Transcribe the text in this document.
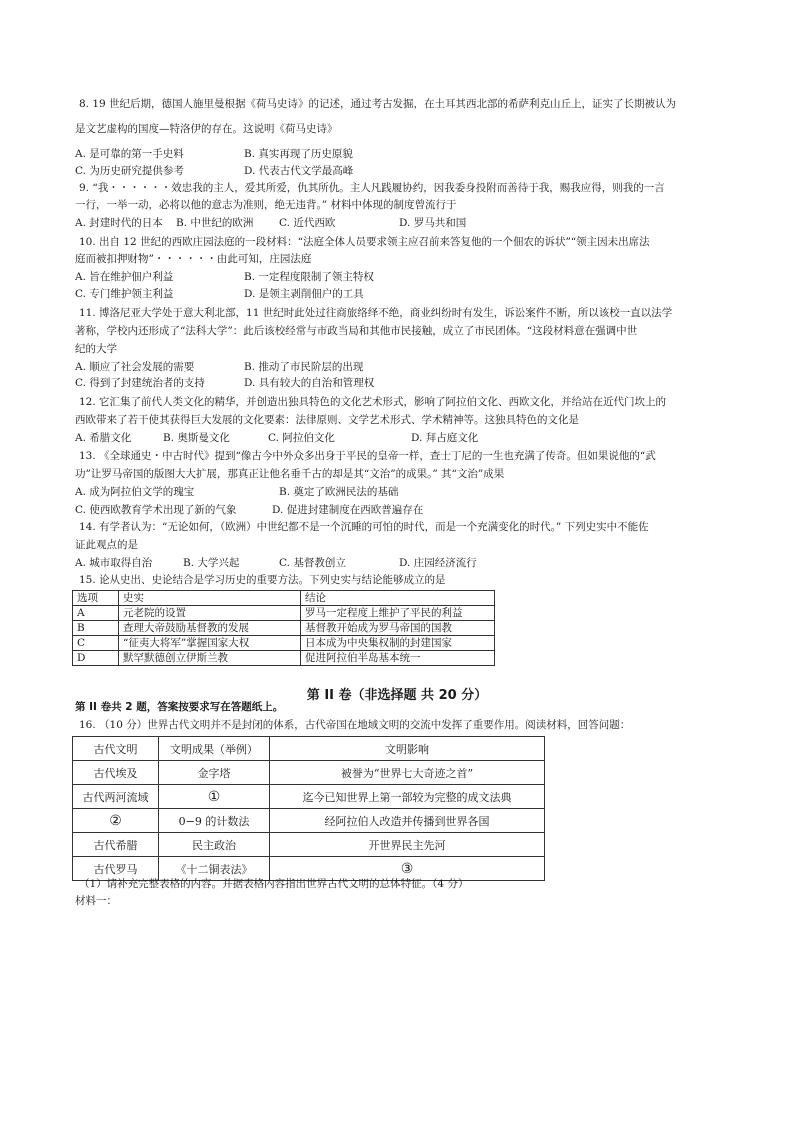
8. 19 世纪后期，德国人施里曼根据《荷马史诗》的记述，通过考古发掘，在土耳其西北部的希萨利克山丘上，证实了长期被认为
是文艺虚构的国度—特洛伊的存在。这说明《荷马史诗》
A. 是可靠的第一手史料	B. 真实再现了历史原貌
C. 为历史研究提供参考	D. 代表古代文学最高峰
9. “我・・・・・・效忠我的主人，爱其所爱，仇其所仇。主人凡践履协约，因我委身投附而善待于我，赐我应得，则我的一言
一行，一举一动，必将以他的意志为准则，绝无违背。” 材料中体现的制度曾流行于
A. 封建时代的日本 B. 中世纪的欧洲 C. 近代西欧	D. 罗马共和国
10. 出自 12 世纪的西欧庄园法庭的一段材料：“法庭全体人员要求领主应召前来答复他的一个佃农的诉状”“领主因未出席法
庭而被扣押财物”・・・・・・由此可知，庄园法庭
A. 旨在维护佃户利益	B. 一定程度限制了领主特权
C. 专门维护领主利益	D. 是领主剥削佃户的工具
11. 博洛尼亚大学处于意大利北部，11 世纪时此处过往商旅络绎不绝，商业纠纷时有发生，诉讼案件不断，所以该校一直以法学
著称，学校内还形成了“法科大学”：此后该校经常与市政当局和其他市民接触，成立了市民团体。“这段材料意在强调中世
纪的大学
A. 顺应了社会发展的需要	B. 推动了市民阶层的出现
C. 得到了封建统治者的支持	D. 具有较大的自治和管理权
12. 它汇集了前代人类文化的精华，并创造出独具特色的文化艺术形式，影响了阿拉伯文化、西欧文化，并给站在近代门坎上的
西欧带来了若干使其获得巨大发展的文化要素：法律原则、文学艺术形式、学术精神等。这独具特色的文化是
A. 希腊文化	B. 奥斯曼文化	C. 阿拉伯文化	D. 拜占庭文化
13. 《全球通史・中古时代》提到“像古今中外众多出身于平民的皇帝一样，查士丁尼的一生也充满了传奇。但如果说他的“武
功”让罗马帝国的版图大大扩展，那真正让他名垂千古的却是其“文治”的成果。” 其“文治”成果
A. 成为阿拉伯文学的瑰宝	B. 奠定了欧洲民法的基础
C. 使西欧教育学术出现了新的气象	D. 促进封建制度在西欧普遍存在
14. 有学者认为：“无论如何，（欧洲）中世纪都不是一个沉睡的可怕的时代，而是一个充满变化的时代。” 下列史实中不能佐
证此观点的是
A. 城市取得自治	B. 大学兴起	C. 基督教创立	D. 庄园经济流行
15. 论从史出、史论结合是学习历史的重要方法。下列史实与结论能够成立的是
选项	史实	结论
A	元老院的设置	罗马一定程度上维护了平民的利益
B	查理大帝鼓励基督教的发展	基督教开始成为罗马帝国的国教
C	“征夷大将军”掌握国家大权	日本成为中央集权制的封建国家
D	默罕默德创立伊斯兰教	促进阿拉伯半岛基本统一
第 II 卷（非选择题 共 20 分）
第 II 卷共 2 题，答案按要求写在答题纸上。
16. （10 分）世界古代文明并不是封闭的体系，古代帝国在地域文明的交流中发挥了重要作用。阅读材料，回答问题：
古代文明	文明成果（举例）	文明影响
古代埃及	金字塔	被誉为“世界七大奇迹之首”
古代两河流域	①	迄今已知世界上第一部较为完整的成文法典
②	0−9 的计数法	经阿拉伯人改造并传播到世界各国
古代希腊	民主政治	开世界民主先河
古代罗马	《十二铜表法》	③
（1）请补充完整表格的内容。并据表格内容指出世界古代文明的总体特征。（4 分）
材料一：
